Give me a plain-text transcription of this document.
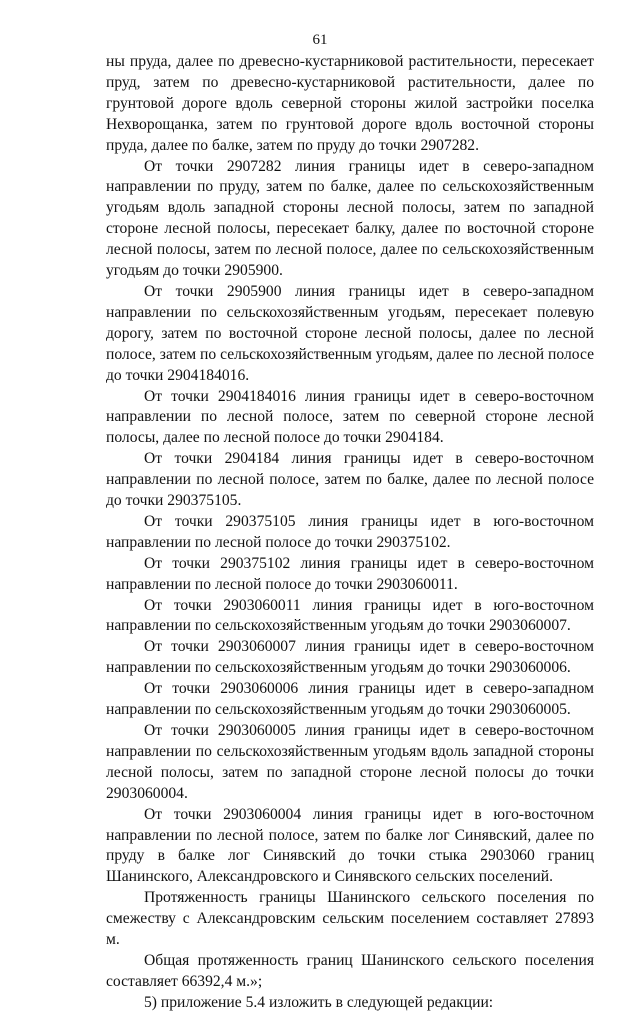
61

ны пруда, далее по древесно-кустарниковой растительности, пересекает пруд, затем по древесно-кустарниковой растительности, далее по грунтовой дороге вдоль северной стороны жилой застройки поселка Нехворощанка, затем по грунтовой дороге вдоль восточной стороны пруда, далее по балке, затем по пруду до точки 2907282.

От точки 2907282 линия границы идет в северо-западном направлении по пруду, затем по балке, далее по сельскохозяйственным угодьям вдоль западной стороны лесной полосы, затем по западной стороне лесной полосы, пересекает балку, далее по восточной стороне лесной полосы, затем по лесной полосе, далее по сельскохозяйственным угодьям до точки 2905900.

От точки 2905900 линия границы идет в северо-западном направлении по сельскохозяйственным угодьям, пересекает полевую дорогу, затем по восточной стороне лесной полосы, далее по лесной полосе, затем по сельскохозяйственным угодьям, далее по лесной полосе до точки 2904184016.

От точки 2904184016 линия границы идет в северо-восточном направлении по лесной полосе, затем по северной стороне лесной полосы, далее по лесной полосе до точки 2904184.

От точки 2904184 линия границы идет в северо-восточном направлении по лесной полосе, затем по балке, далее по лесной полосе до точки 290375105.

От точки 290375105 линия границы идет в юго-восточном направлении по лесной полосе до точки 290375102.

От точки 290375102 линия границы идет в северо-восточном направлении по лесной полосе до точки 2903060011.

От точки 2903060011 линия границы идет в юго-восточном направлении по сельскохозяйственным угодьям до точки 2903060007.

От точки 2903060007 линия границы идет в северо-восточном направлении по сельскохозяйственным угодьям до точки 2903060006.

От точки 2903060006 линия границы идет в северо-западном направлении по сельскохозяйственным угодьям до точки 2903060005.

От точки 2903060005 линия границы идет в северо-восточном направлении по сельскохозяйственным угодьям вдоль западной стороны лесной полосы, затем по западной стороне лесной полосы до точки 2903060004.

От точки 2903060004 линия границы идет в юго-восточном направлении по лесной полосе, затем по балке лог Синявский, далее по пруду в балке лог Синявский до точки стыка 2903060 границ Шанинского, Александровского и Синявского сельских поселений.

Протяженность границы Шанинского сельского поселения по смежеству с Александровским сельским поселением составляет 27893 м.

Общая протяженность границ Шанинского сельского поселения составляет 66392,4 м.»;

5) приложение 5.4 изложить в следующей редакции:
